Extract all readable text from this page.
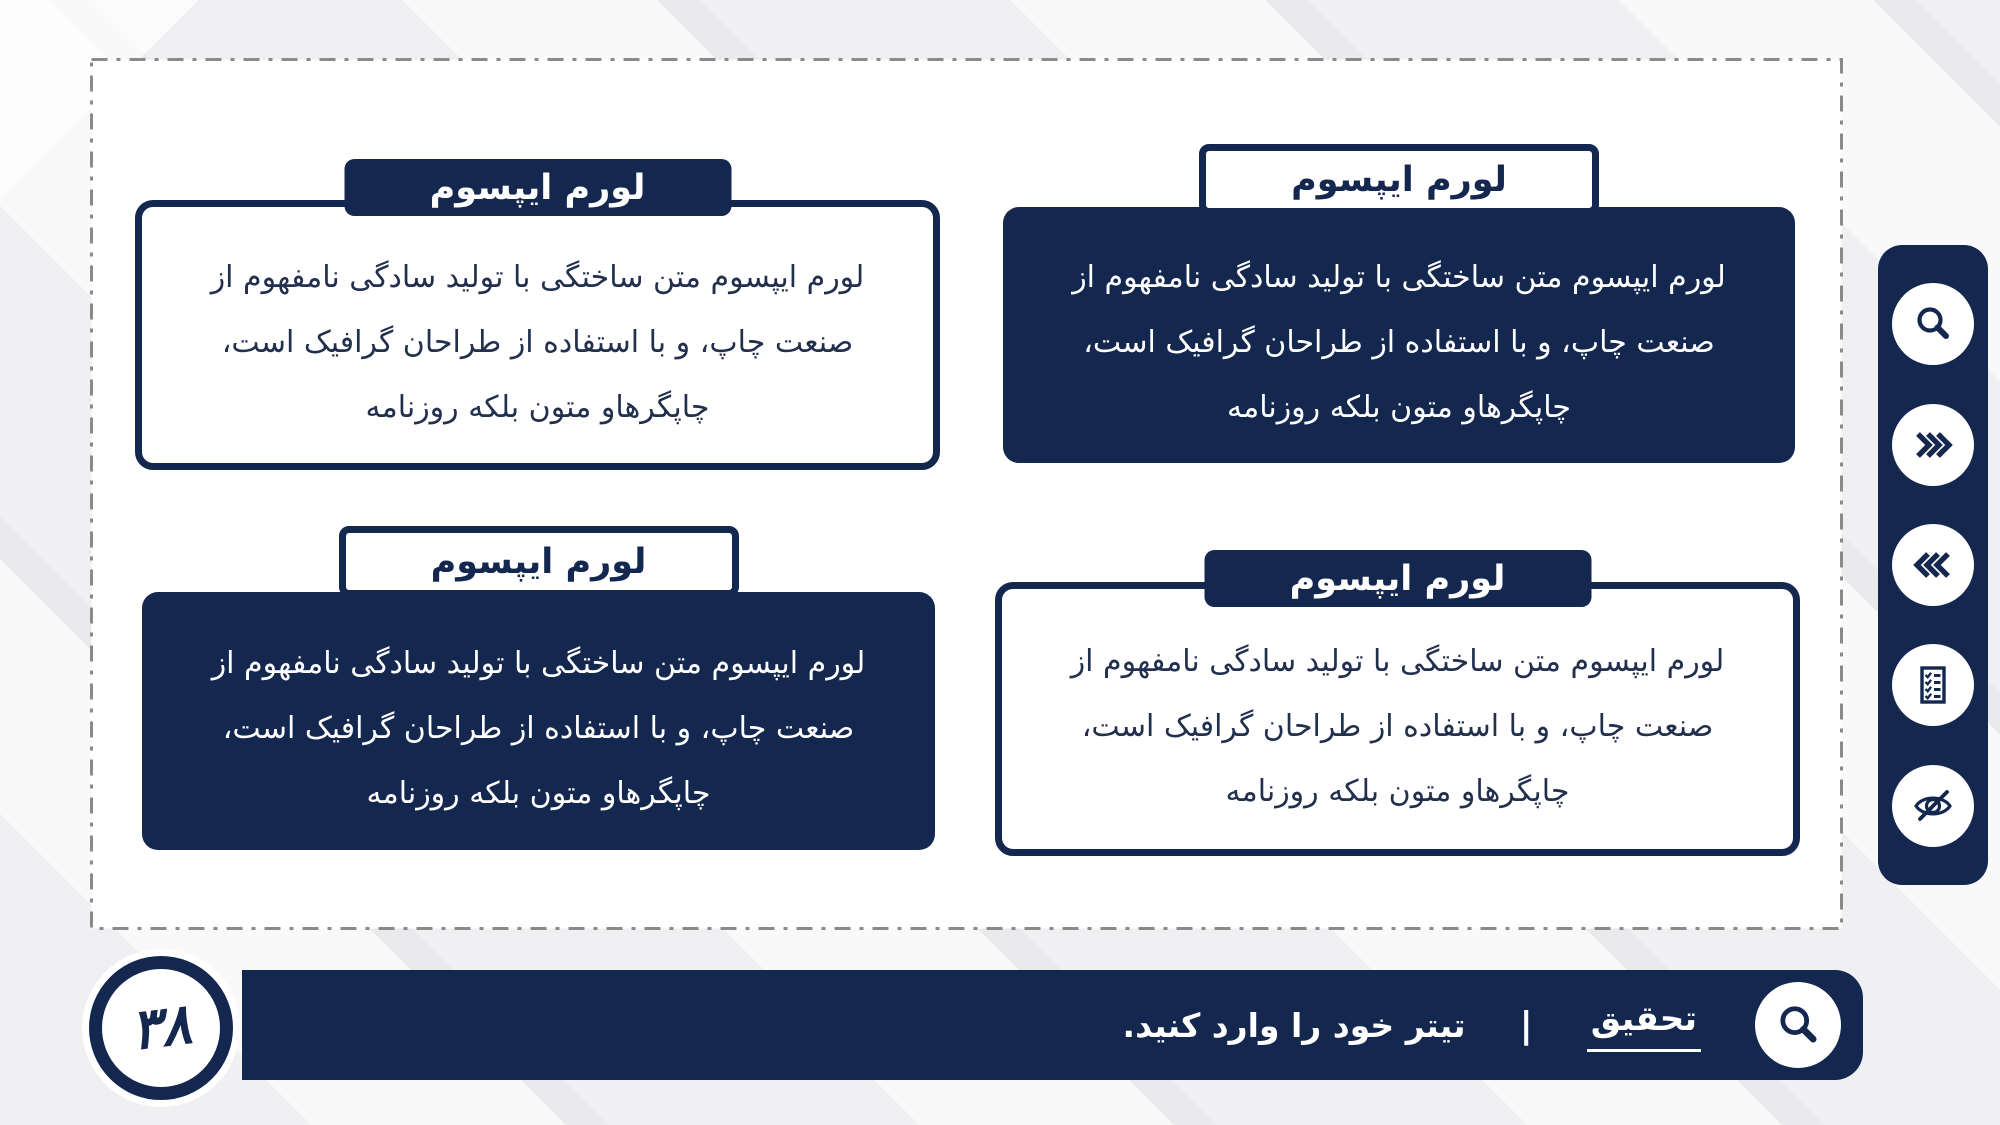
لورم ایپسوم

لورم ایپسوم متن ساختگی با تولید سادگی نامفهوم از

صنعت چاپ، و با استفاده از طراحان گرافیک است،

چاپگرهاو متون بلکه روزنامه

لورم ایپسوم

لورم ایپسوم متن ساختگی با تولید سادگی نامفهوم از

صنعت چاپ، و با استفاده از طراحان گرافیک است،

چاپگرهاو متون بلکه روزنامه

لورم ایپسوم

لورم ایپسوم متن ساختگی با تولید سادگی نامفهوم از

صنعت چاپ، و با استفاده از طراحان گرافیک است،

چاپگرهاو متون بلکه روزنامه

لورم ایپسوم

لورم ایپسوم متن ساختگی با تولید سادگی نامفهوم از

صنعت چاپ، و با استفاده از طراحان گرافیک است،

چاپگرهاو متون بلکه روزنامه

تحقیق
|
تیتر خود را وارد کنید.
۳۸
